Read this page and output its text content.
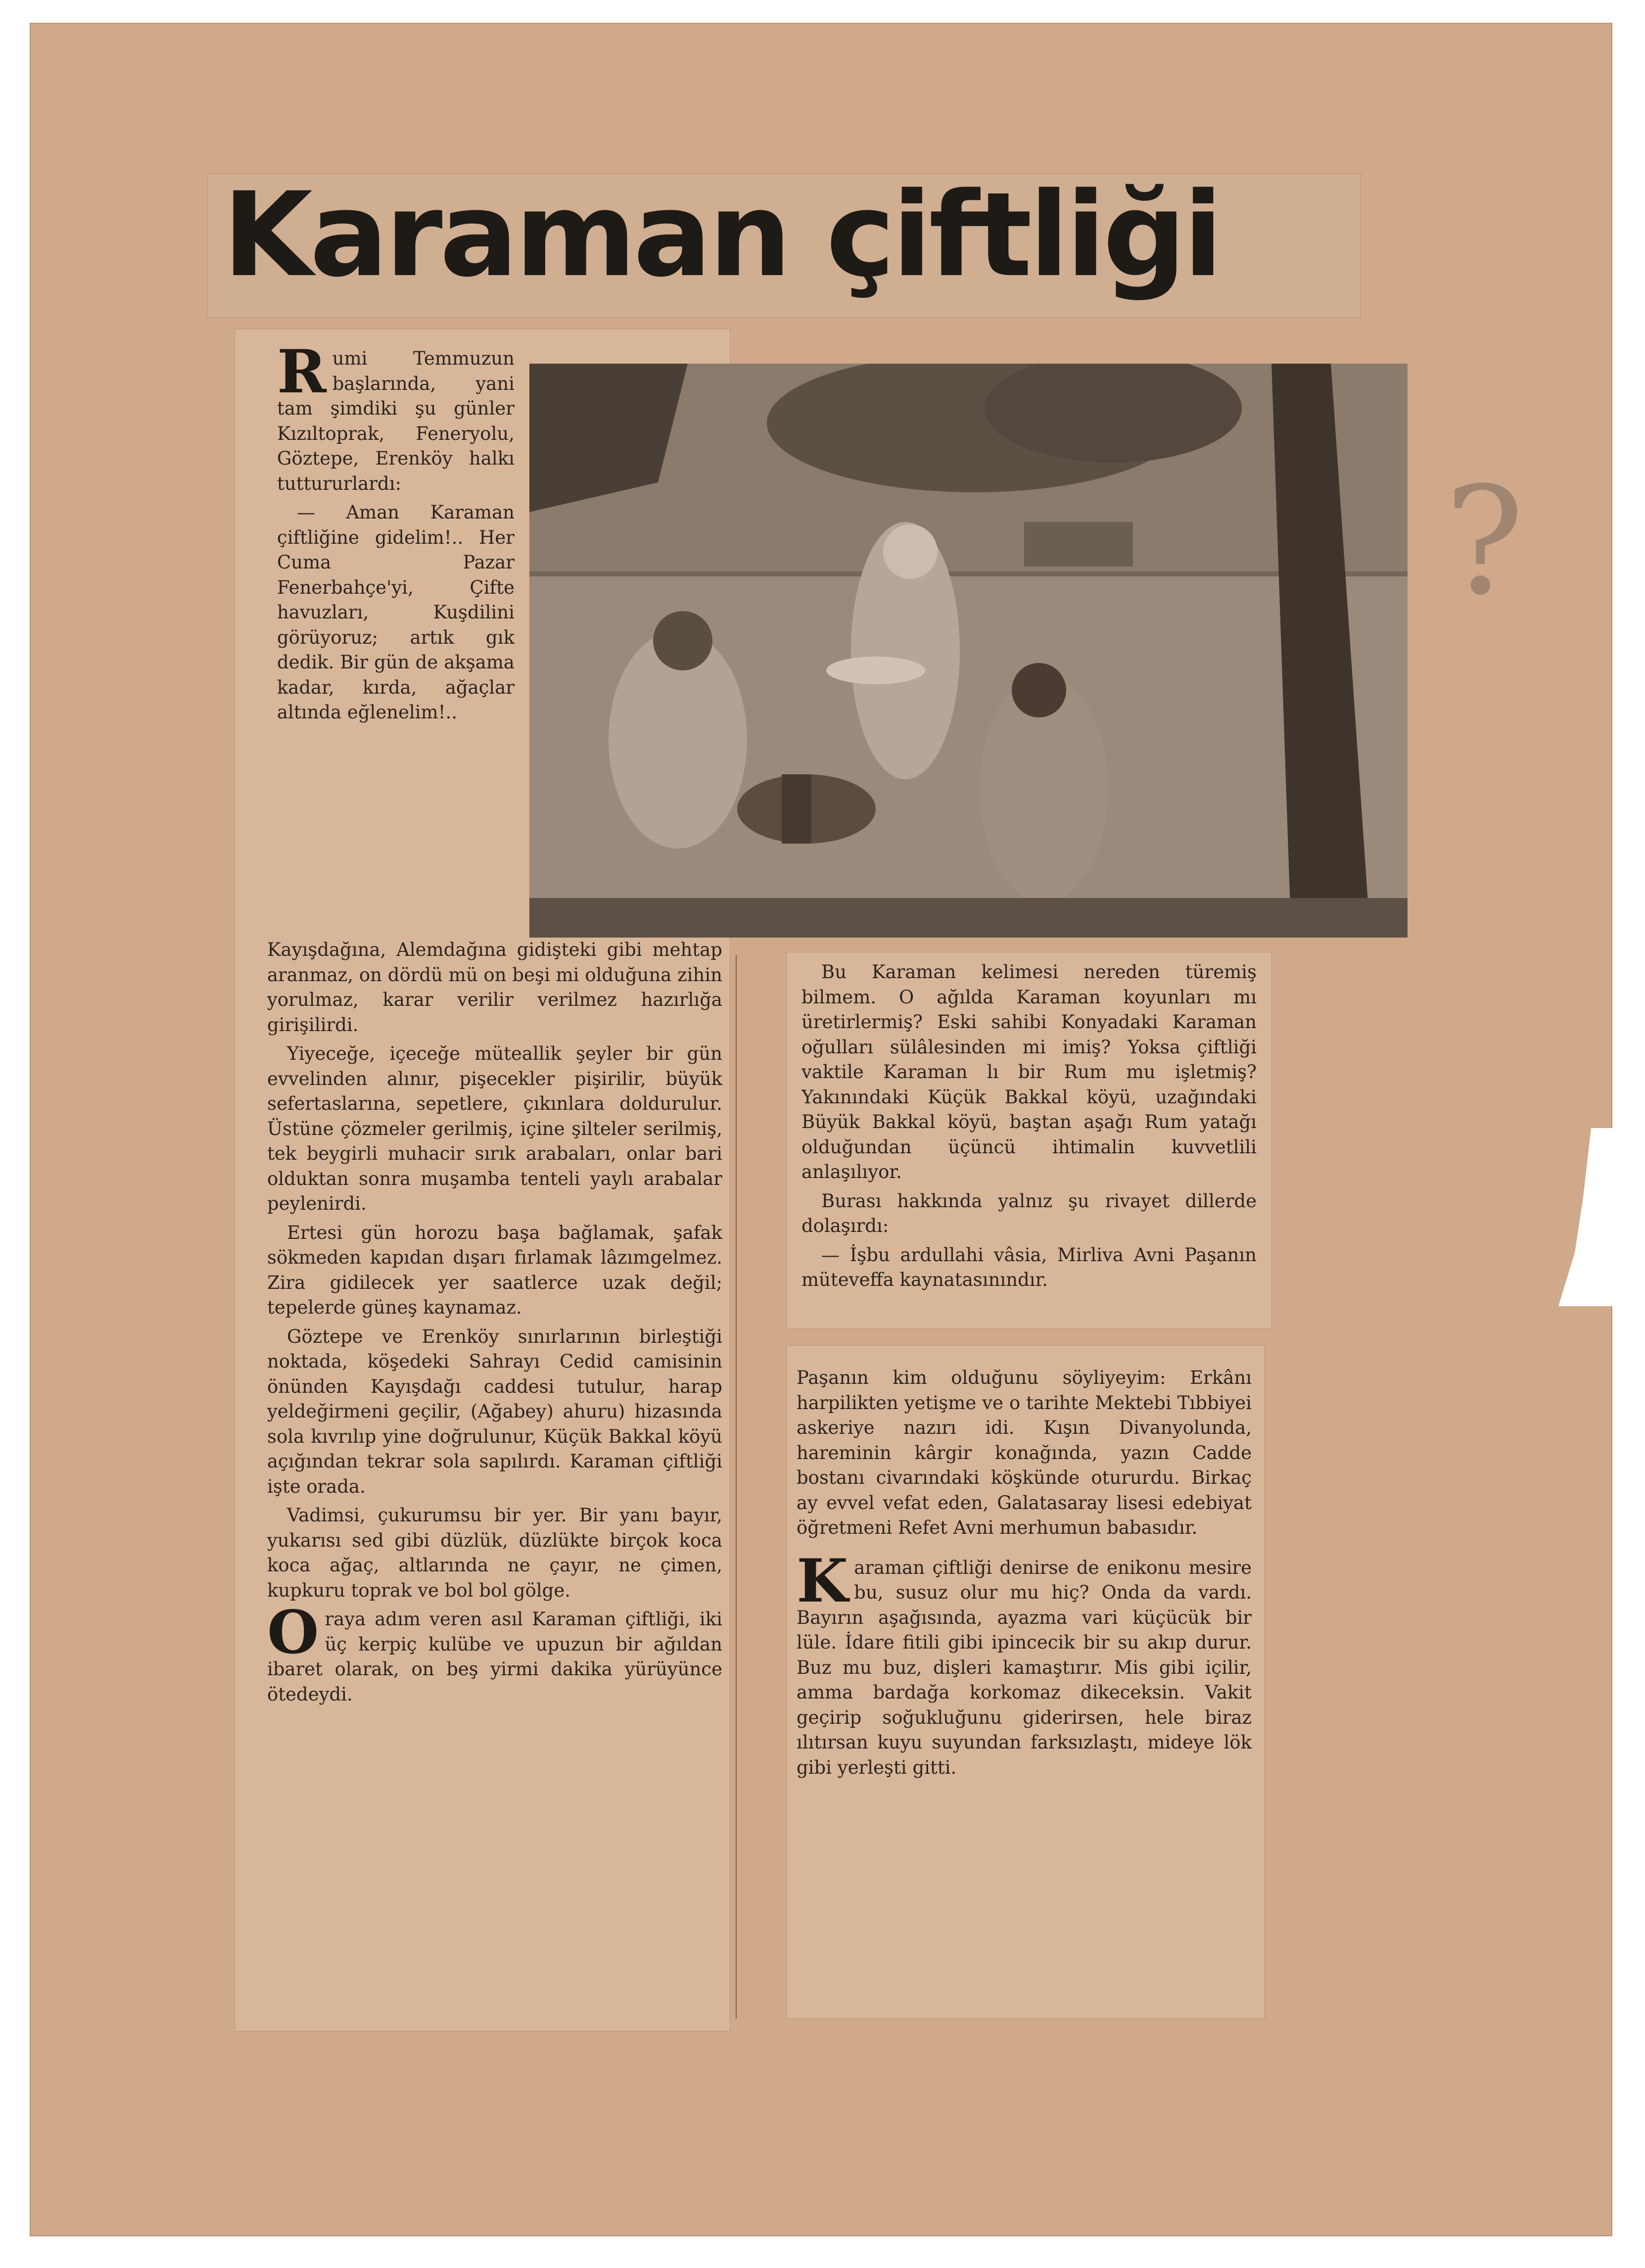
Karaman çiftliği
?

Rumi Temmuzun başlarında, yani tam şimdiki şu günler Kızıltoprak, Feneryolu, Göztepe, Erenköy halkı tuttururlardı:

— Aman Karaman çiftliğine gidelim!.. Her Cuma Pazar Fenerbahçe'yi, Çifte havuzları, Kuşdilini görüyoruz; artık gık dedik. Bir gün de akşama kadar, kırda, ağaçlar altında eğlenelim!..

Kayışdağına, Alemdağına gidişteki gibi mehtap aranmaz, on dördü mü on beşi mi olduğuna zihin yorulmaz, karar verilir verilmez hazırlığa girişilirdi.

Yiyeceğe, içeceğe müteallik şeyler bir gün evvelinden alınır, pişecekler pişirilir, büyük sefertaslarına, sepetlere, çıkınlara doldurulur. Üstüne çözmeler gerilmiş, içine şilteler serilmiş, tek beygirli muhacir sırık arabaları, onlar bari olduktan sonra muşamba tenteli yaylı arabalar peylenirdi.

Ertesi gün horozu başa bağlamak, şafak sökmeden kapıdan dışarı fırlamak lâzımgelmez. Zira gidilecek yer saatlerce uzak değil; tepelerde güneş kaynamaz.

Göztepe ve Erenköy sınırlarının birleştiği noktada, köşedeki Sahrayı Cedid camisinin önünden Kayışdağı caddesi tutulur, harap yeldeğirmeni geçilir, (Ağabey) ahuru) hizasında sola kıvrılıp yine doğrulunur, Küçük Bakkal köyü açığından tekrar sola sapılırdı. Karaman çiftliği işte orada.

Vadimsi, çukurumsu bir yer. Bir yanı bayır, yukarısı sed gibi düzlük, düzlükte birçok koca koca ağaç, altlarında ne çayır, ne çimen, kupkuru toprak ve bol bol gölge.

Oraya adım veren asıl Karaman çiftliği, iki üç kerpiç kulübe ve upuzun bir ağıldan ibaret olarak, on beş yirmi dakika yürüyünce ötedeydi.

Bu Karaman kelimesi nereden türemiş bilmem. O ağılda Karaman koyunları mı üretirlermiş? Eski sahibi Konyadaki Karaman oğulları sülâlesinden mi imiş? Yoksa çiftliği vaktile Karaman lı bir Rum mu işletmiş? Yakınındaki Küçük Bakkal köyü, uzağındaki Büyük Bakkal köyü, baştan aşağı Rum yatağı olduğundan üçüncü ihtimalin kuvvetlili anlaşılıyor.

Burası hakkında yalnız şu rivayet dillerde dolaşırdı:

— İşbu ardullahi vâsia, Mirliva Avni Paşanın müteveffa kaynatasınındır.

Paşanın kim olduğunu söyliyeyim: Erkânı harpilikten yetişme ve o tarihte Mektebi Tıbbiyei askeriye nazırı idi. Kışın Divanyolunda, hareminin kârgir konağında, yazın Cadde bostanı civarındaki köşkünde otururdu. Birkaç ay evvel vefat eden, Galatasaray lisesi edebiyat öğretmeni Refet Avni merhumun babasıdır.

Karaman çiftliği denirse de enikonu mesire bu, susuz olur mu hiç? Onda da vardı. Bayırın aşağısında, ayazma vari küçücük bir lüle. İdare fitili gibi ipincecik bir su akıp durur. Buz mu buz, dişleri kamaştırır. Mis gibi içilir, amma bardağa korkomaz dikeceksin. Vakit geçirip soğukluğunu giderirsen, hele biraz ılıtırsan kuyu suyundan farksızlaştı, mideye lök gibi yerleşti gitti.
